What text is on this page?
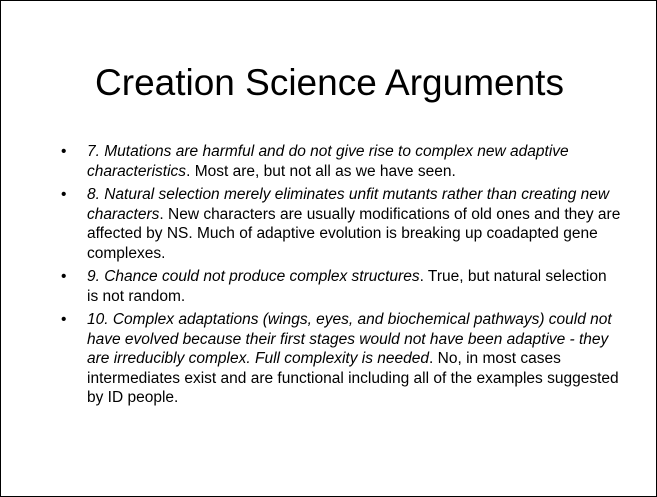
Creation Science Arguments
• 7. Mutations are harmful and do not give rise to complex new adaptive characteristics. Most are, but not all as we have seen.
• 8. Natural selection merely eliminates unfit mutants rather than creating new characters. New characters are usually modifications of old ones and they are affected by NS. Much of adaptive evolution is breaking up coadapted gene complexes.
• 9. Chance could not produce complex structures. True, but natural selection is not random.
• 10. Complex adaptations (wings, eyes, and biochemical pathways) could not have evolved because their first stages would not have been adaptive - they are irreducibly complex. Full complexity is needed. No, in most cases intermediates exist and are functional including all of the examples suggested by ID people.
